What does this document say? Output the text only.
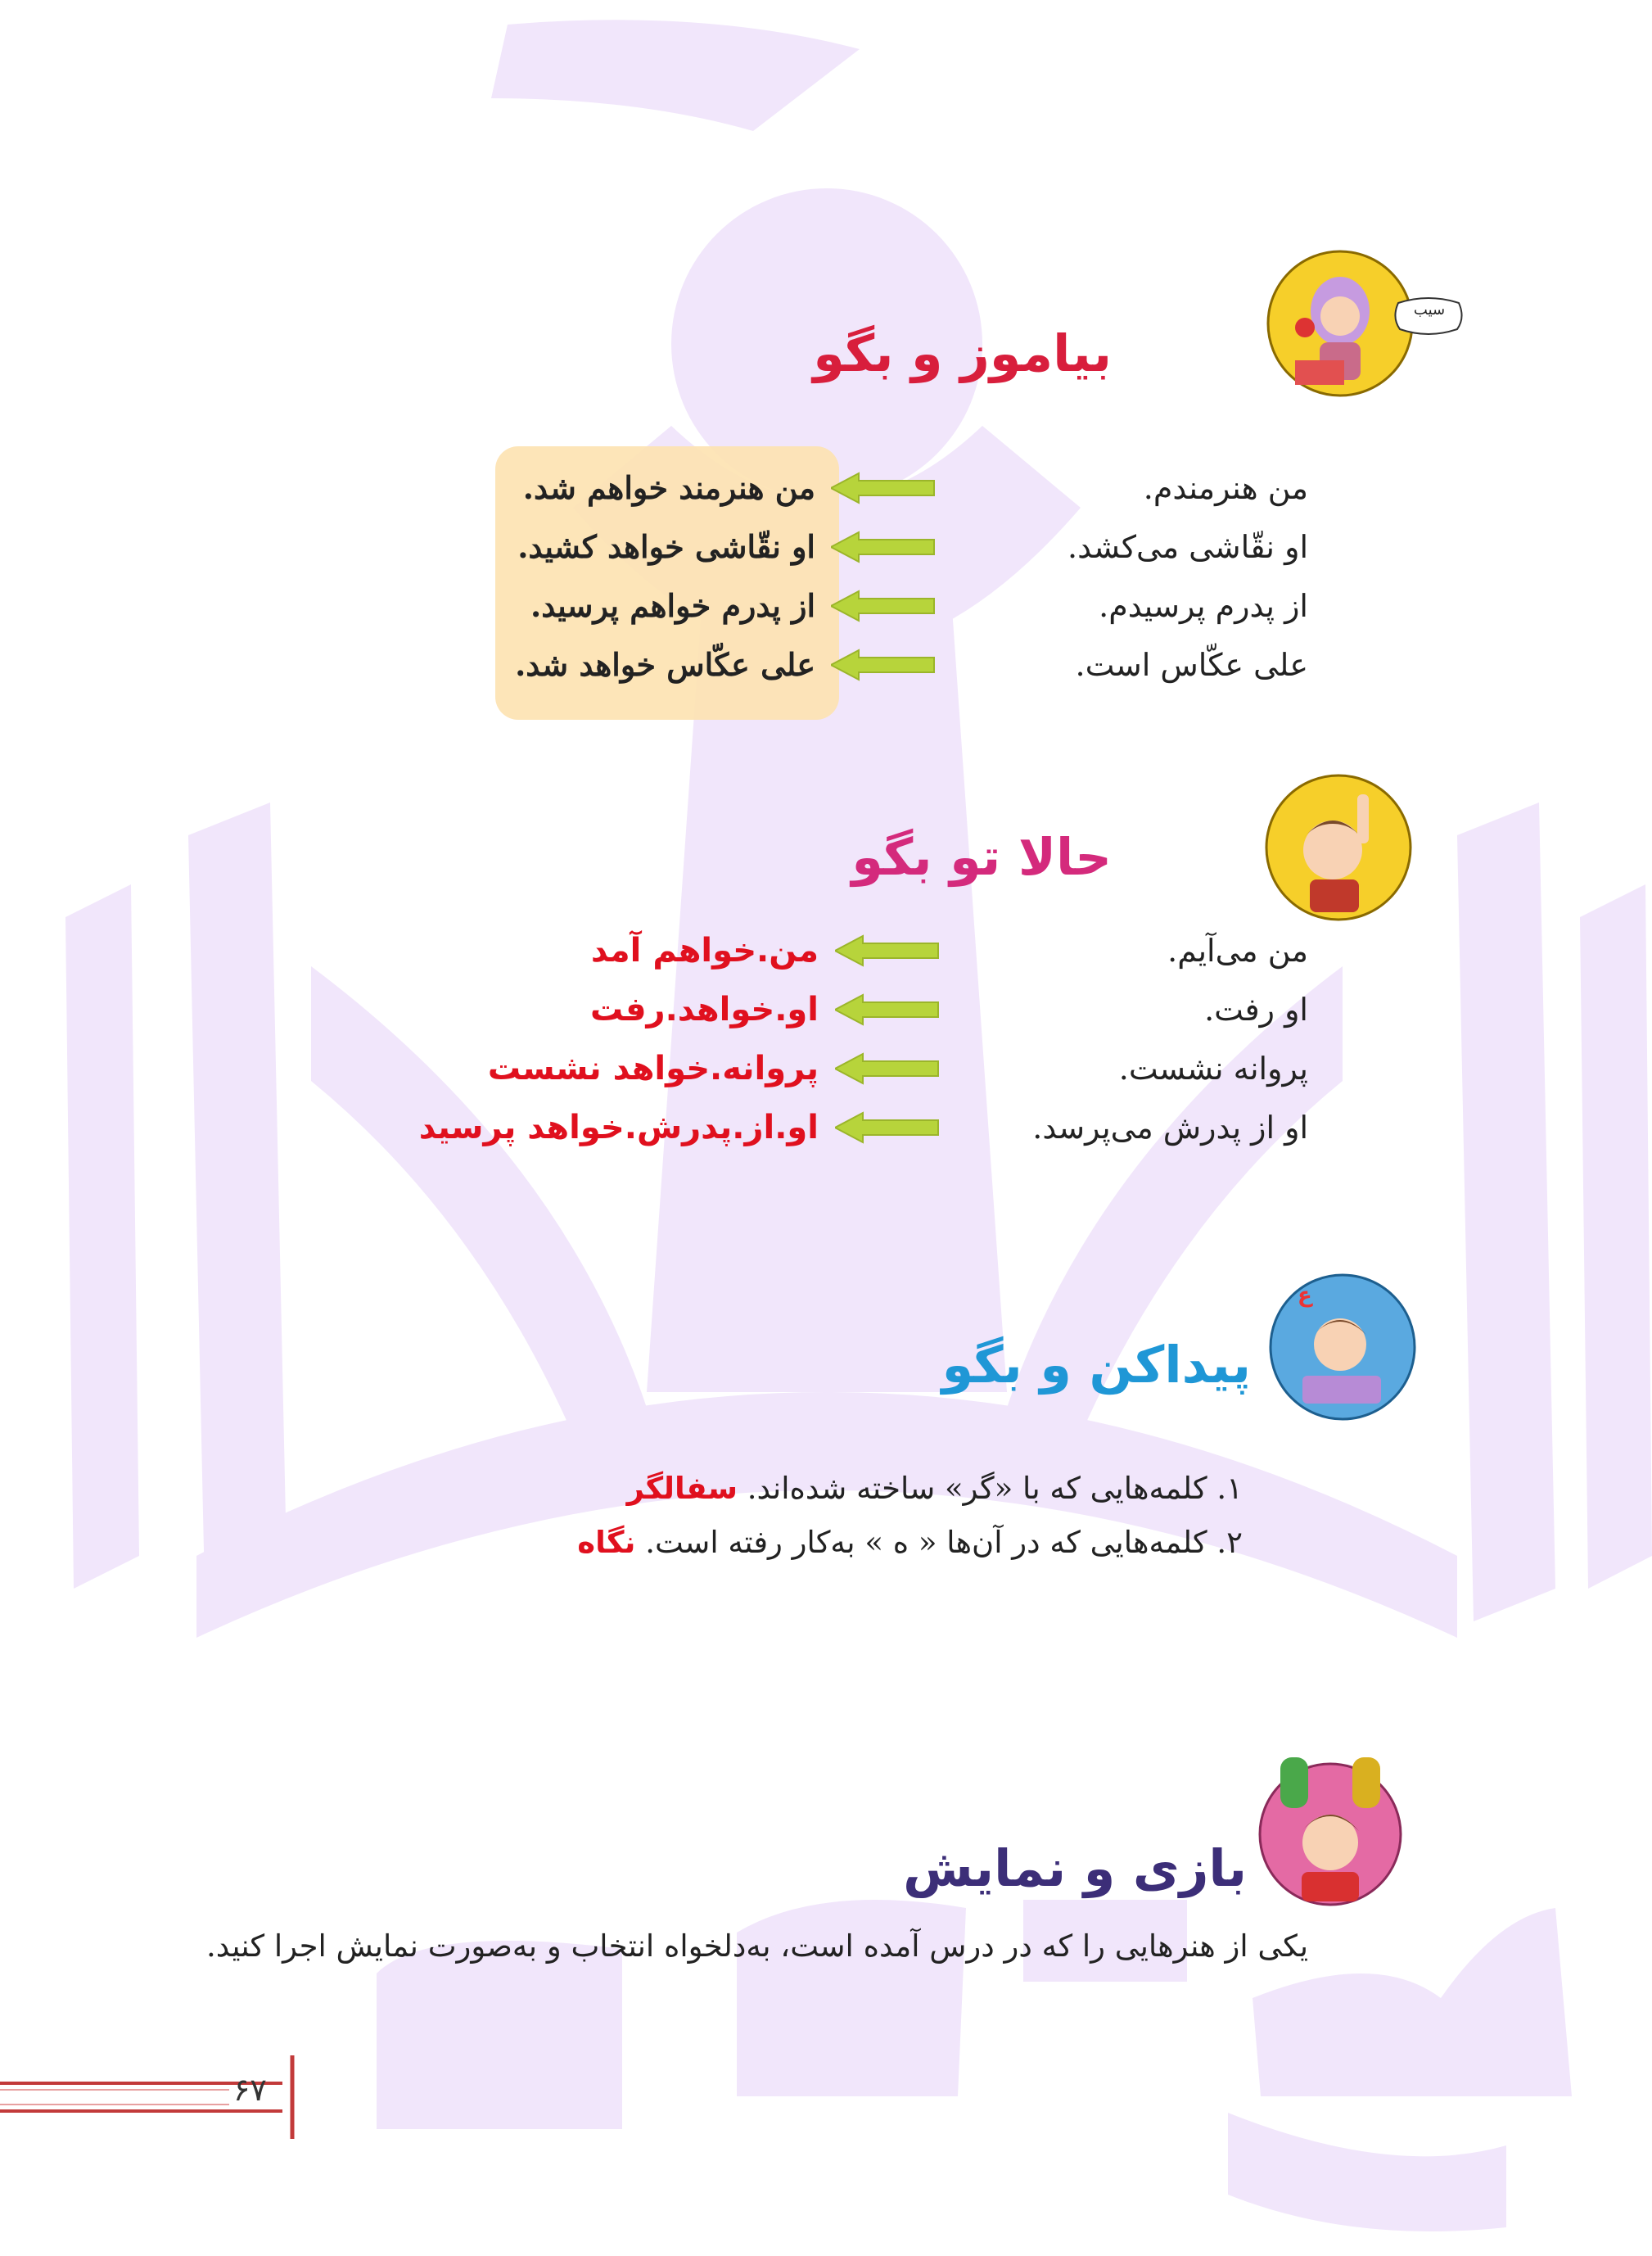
سیب
بیاموز و بگو
من هنرمندم.
او نقّاشی می‌کشد.
از پدرم پرسیدم.
علی عکّاس است.
من هنرمند خواهم شد.
او نقّاشی خواهد کشید.
از پدرم خواهم پرسید.
علی عکّاس خواهد شد.
حالا تو بگو
من می‌آیم.
او رفت.
پروانه نشست.
او از پدرش می‌پرسد.
من.خواهم آمد
او.خواهد.رفت
پروانه.خواهد نشست
او.از.پدرش.خواهد پرسید
ع
پیداکن و بگو
۱. کلمه‌هایی که با «گر» ساخته شده‌اند. سفالگر
۲. کلمه‌هایی که در آن‌ها « ه » به‌کار رفته است. نگاه
بازی و نمایش
یکی از هنرهایی را که در درس آمده است، به‌دلخواه انتخاب و به‌صورت نمایش اجرا کنید.
۶۷
